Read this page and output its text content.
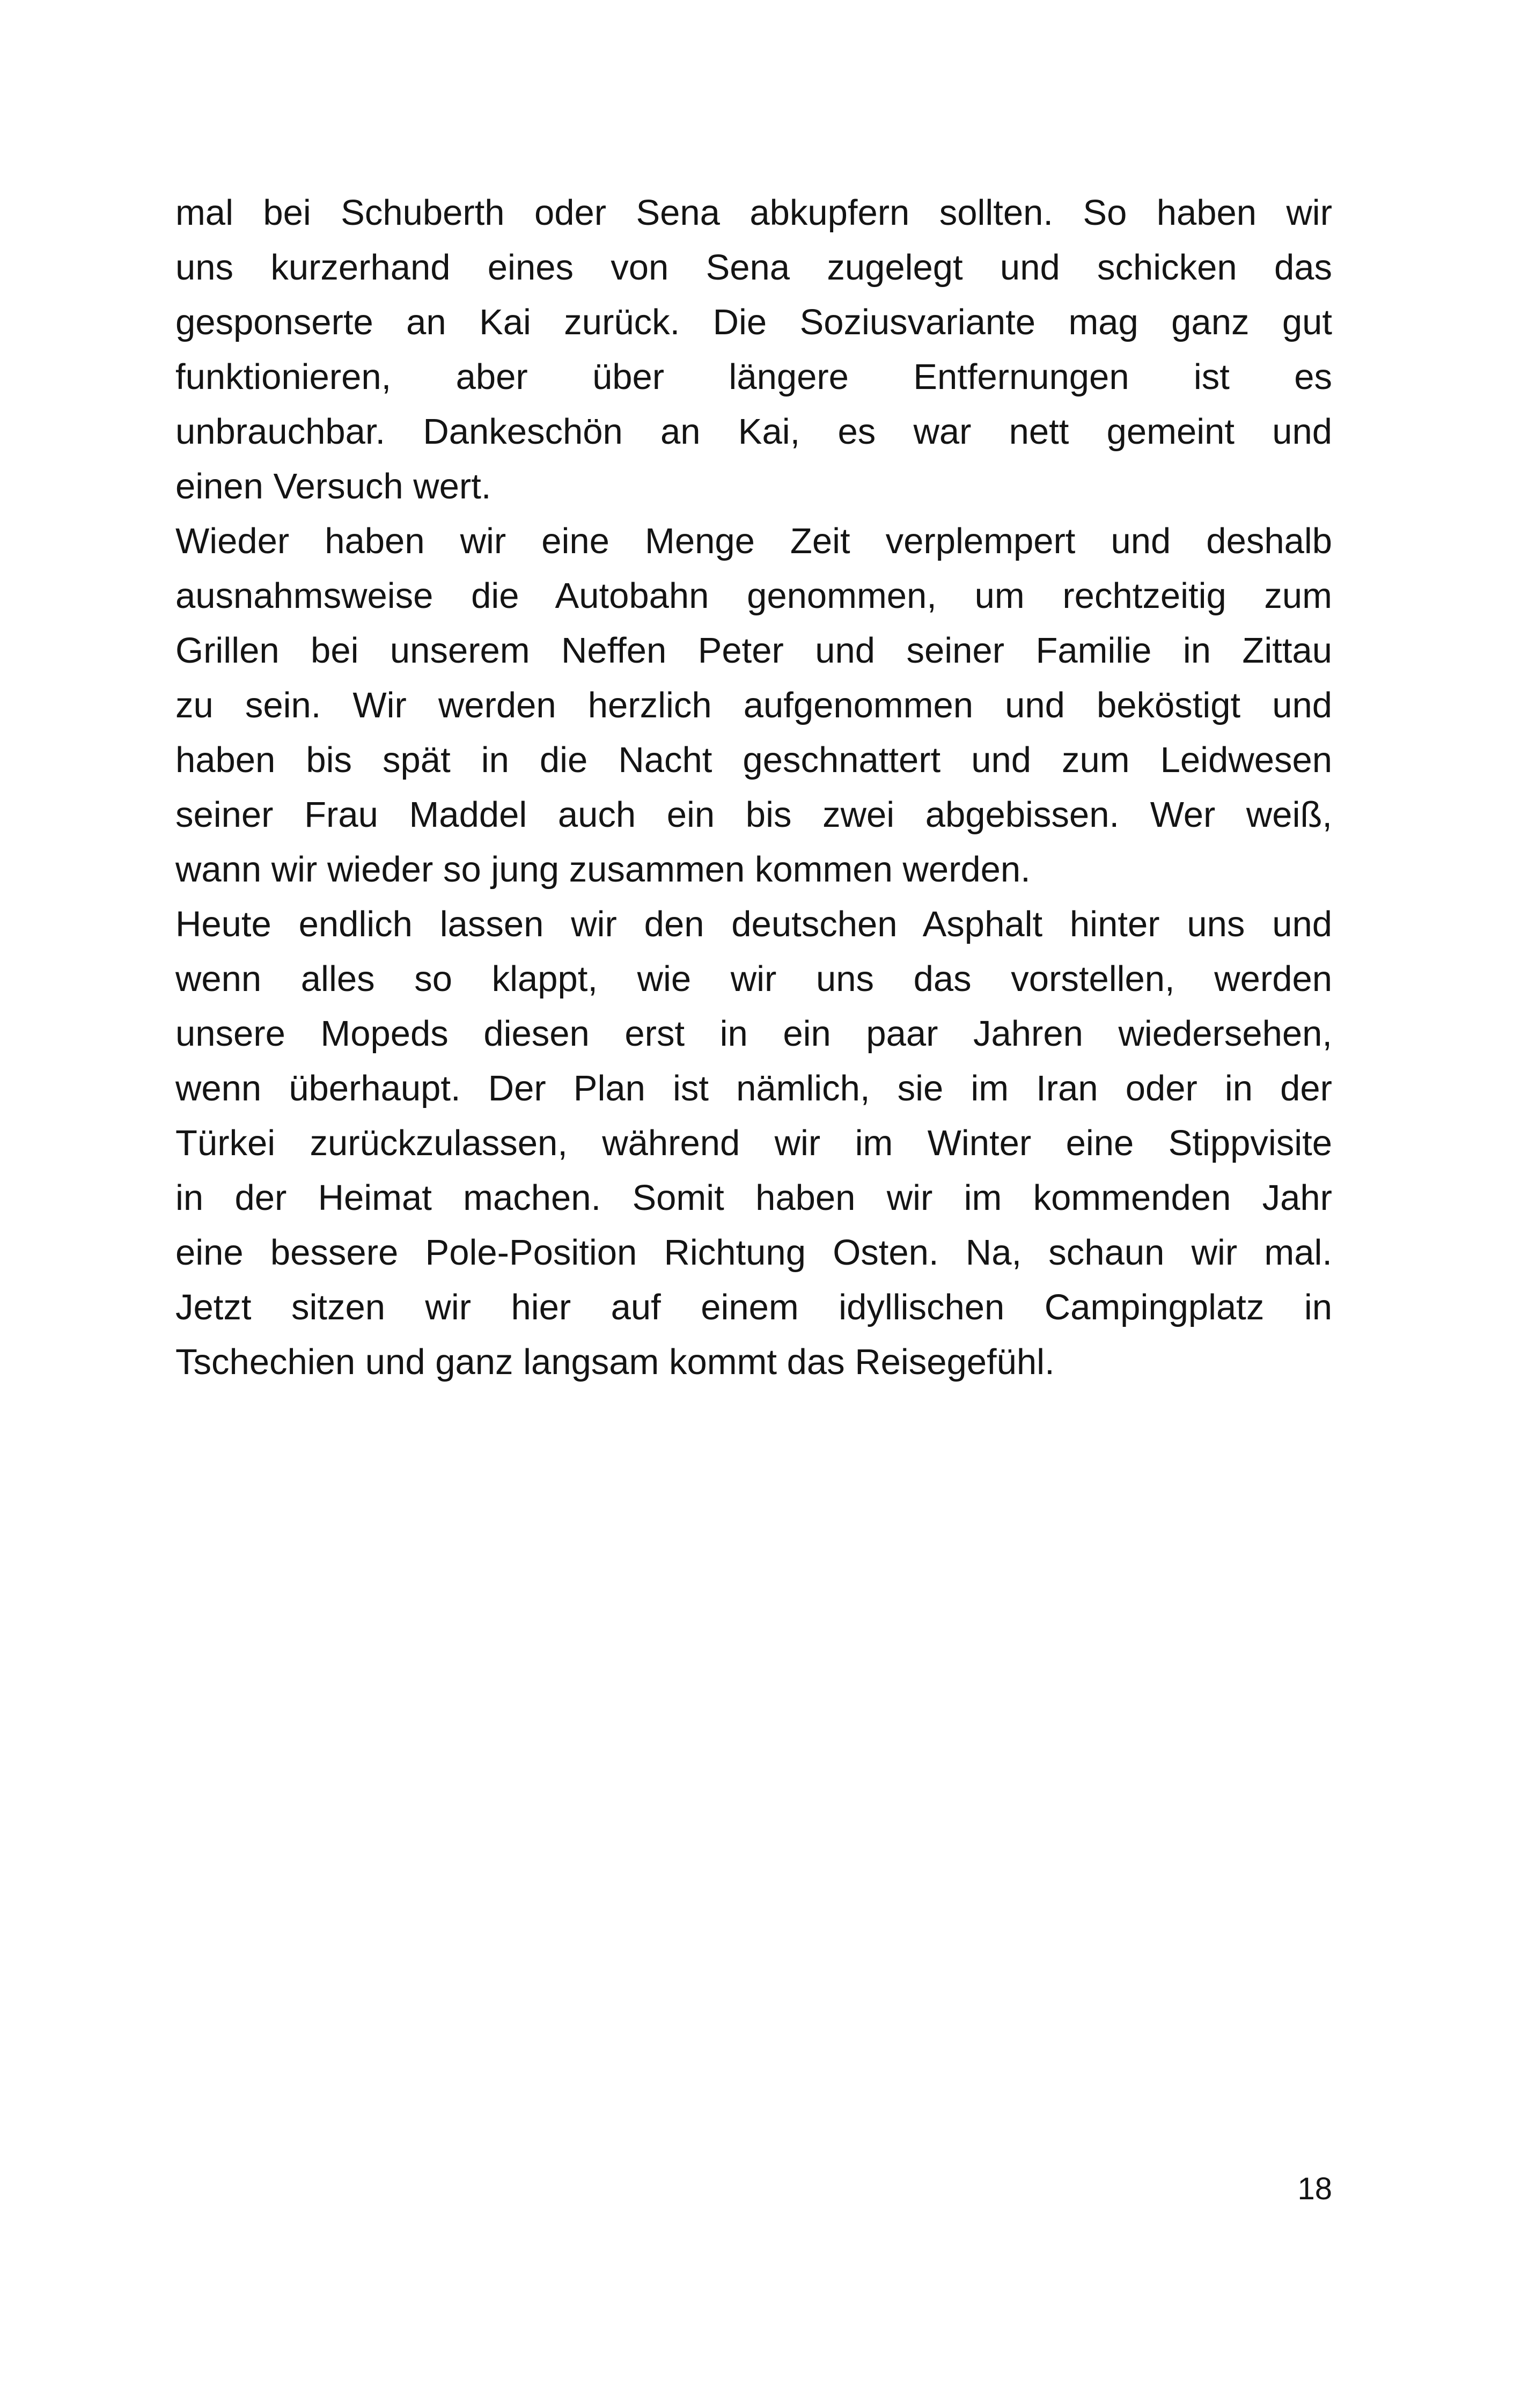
mal bei Schuberth oder Sena abkupfern sollten. So haben wir
uns kurzerhand eines von Sena zugelegt und schicken das
gesponserte an Kai zurück. Die Soziusvariante mag ganz gut
funktionieren, aber über längere Entfernungen ist es
unbrauchbar. Dankeschön an Kai, es war nett gemeint und
einen Versuch wert.
Wieder haben wir eine Menge Zeit verplempert und deshalb
ausnahmsweise die Autobahn genommen, um rechtzeitig zum
Grillen bei unserem Neffen Peter und seiner Familie in Zittau
zu sein. Wir werden herzlich aufgenommen und beköstigt und
haben bis spät in die Nacht geschnattert und zum Leidwesen
seiner Frau Maddel auch ein bis zwei abgebissen. Wer weiß,
wann wir wieder so jung zusammen kommen werden.
Heute endlich lassen wir den deutschen Asphalt hinter uns und
wenn alles so klappt, wie wir uns das vorstellen, werden
unsere Mopeds diesen erst in ein paar Jahren wiedersehen,
wenn überhaupt. Der Plan ist nämlich, sie im Iran oder in der
Türkei zurückzulassen, während wir im Winter eine Stippvisite
in der Heimat machen. Somit haben wir im kommenden Jahr
eine bessere Pole-Position Richtung Osten. Na, schaun wir mal.
Jetzt sitzen wir hier auf einem idyllischen Campingplatz in
Tschechien und ganz langsam kommt das Reisegefühl.
18
